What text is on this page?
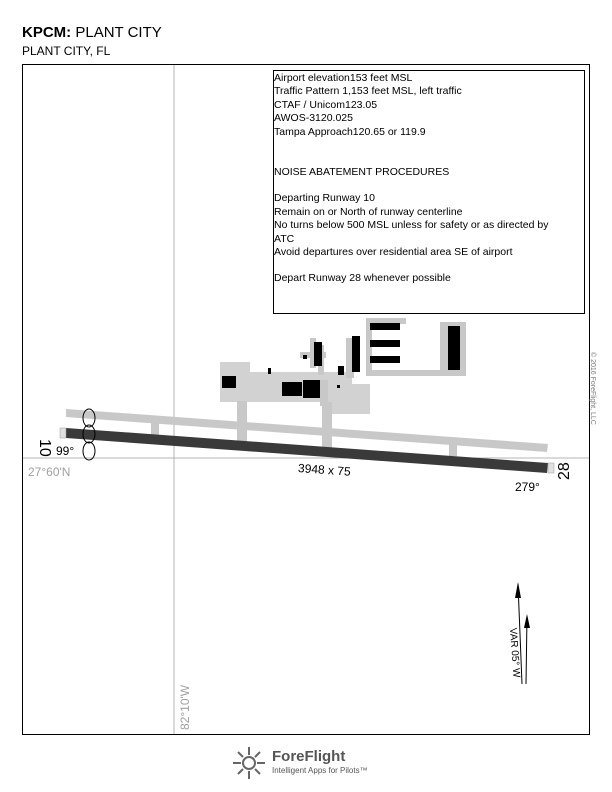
KPCM: PLANT CITY
PLANT CITY, FL
10
28
99°
279°
3948 x 75
27°60'N
82°10'W
VAR 05° W
Airport elevation153 feet MSL
Traffic Pattern 1,153 feet MSL, left traffic
CTAF / Unicom123.05
AWOS-3120.025
Tampa Approach120.65 or 119.9
NOISE ABATEMENT PROCEDURES
Departing Runway 10
Remain on or North of runway centerline
No turns below 500 MSL unless for safety or as directed by
ATC
Avoid departures over residential area SE of airport
Depart Runway 28 whenever possible
© 2016 ForeFlight, LLC
ForeFlight
Intelligent Apps for Pilots™
